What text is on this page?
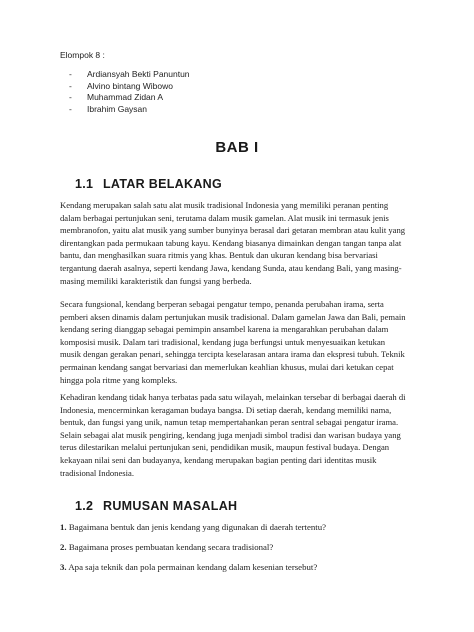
Elompok 8 :
-	Ardiansyah Bekti Panuntun
-	Alvino bintang Wibowo
-	Muhammad Zidan A
-	Ibrahim Gaysan
BAB I
1.1 LATAR BELAKANG

Kendang merupakan salah satu alat musik tradisional Indonesia yang memiliki peranan penting dalam berbagai pertunjukan seni, terutama dalam musik gamelan. Alat musik ini termasuk jenis membranofon, yaitu alat musik yang sumber bunyinya berasal dari getaran membran atau kulit yang direntangkan pada permukaan tabung kayu. Kendang biasanya dimainkan dengan tangan tanpa alat bantu, dan menghasilkan suara ritmis yang khas. Bentuk dan ukuran kendang bisa bervariasi tergantung daerah asalnya, seperti kendang Jawa, kendang Sunda, atau kendang Bali, yang masing-masing memiliki karakteristik dan fungsi yang berbeda.

Secara fungsional, kendang berperan sebagai pengatur tempo, penanda perubahan irama, serta pemberi aksen dinamis dalam pertunjukan musik tradisional. Dalam gamelan Jawa dan Bali, pemain kendang sering dianggap sebagai pemimpin ansambel karena ia mengarahkan perubahan dalam komposisi musik. Dalam tari tradisional, kendang juga berfungsi untuk menyesuaikan ketukan musik dengan gerakan penari, sehingga tercipta keselarasan antara irama dan ekspresi tubuh. Teknik permainan kendang sangat bervariasi dan memerlukan keahlian khusus, mulai dari ketukan cepat hingga pola ritme yang kompleks.

Kehadiran kendang tidak hanya terbatas pada satu wilayah, melainkan tersebar di berbagai daerah di Indonesia, mencerminkan keragaman budaya bangsa. Di setiap daerah, kendang memiliki nama, bentuk, dan fungsi yang unik, namun tetap mempertahankan peran sentral sebagai pengatur irama. Selain sebagai alat musik pengiring, kendang juga menjadi simbol tradisi dan warisan budaya yang terus dilestarikan melalui pertunjukan seni, pendidikan musik, maupun festival budaya. Dengan kekayaan nilai seni dan budayanya, kendang merupakan bagian penting dari identitas musik tradisional Indonesia.

1.2 RUMUSAN MASALAH
1. Bagaimana bentuk dan jenis kendang yang digunakan di daerah tertentu?
2. Bagaimana proses pembuatan kendang secara tradisional?
3. Apa saja teknik dan pola permainan kendang dalam kesenian tersebut?
